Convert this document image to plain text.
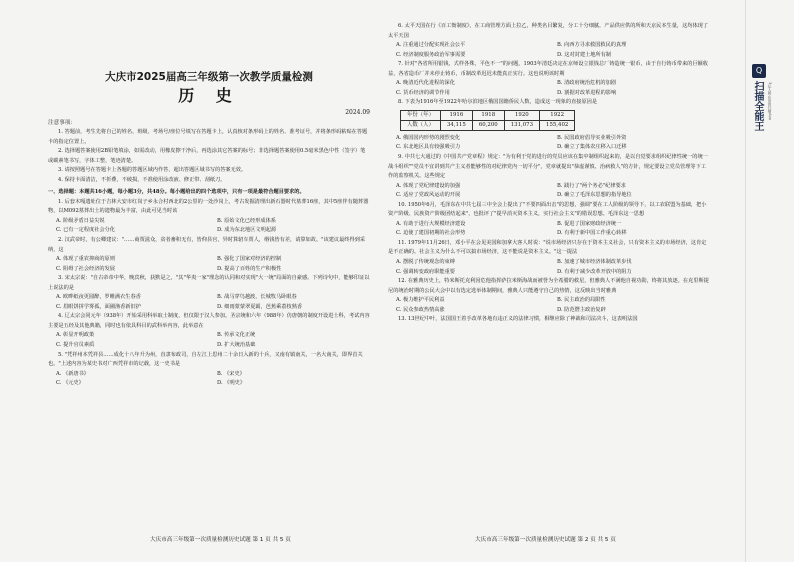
大庆市2025届高三年级第一次教学质量检测
历 史
2024.09
注意事项：

1. 答题前，考生先将自己的姓名、班级、考场号/座位号填写在答题卡上，认真核对条形码上的姓名、准考证号，并将条形码粘贴在答题卡的指定位置上。

2. 选择题答案使用2B铅笔填涂，如需改动，用橡皮擦干净后，再选涂其它答案的标号；非选择题答案使用0.5毫米黑色中性（签字）笔或碳素笔书写，字体工整，笔迹清楚。

3. 请按照题号在答题卡上各题的答题区域内作答，超出答题区域书写的答案无效。

4. 保持卡面清洁，不折叠，不破损，不准使用涂改液、修正带、刮纸刀。

一、选择题：本题共16小题，每小题3分，共48分。每小题给出的四个选项中，只有一项是最符合题目要求的。

1. 后套木嘎遗址位于吉林大安市红岗子乡永合村西北的2公里的一处沙岗上，考古发掘清理出新石器时代墓葬16座，其中5座伴有随葬器物，以M092墓葬出土的遗物最为丰富，由此可见当时该

A. 阶级矛盾日益尖锐	B. 原始文化已经形成体系
C. 已有一定程度社会分化	D. 成为东北地区文明起源

2. 汉武帝时，有公卿建议："……商贾滋众，贫者畜积无有，皆仰县官，异时算轺车贾人，缗钱皆有差，请算如故。"该建议最终得到采纳，这

A. 体现了重农抑商的原则	B. 强化了国家对经济的控制
C. 阻碍了社会经济的发展	D. 提高了百姓的生产积极性

3. 宋太宗说："自古帝帝中华，晚宾秋，获默是之，"其"华夷一家"理念的认同和对实现"大一统"局面的自豪感。下列诗句中，能够印证以上说法的是

A. 欧畔纸夜更圆醉，罗帷满衣生春香	B. 战马穿鸟越渡，长城牧马卧眼春
C. 眉眼饼拼学雾孤，面圃渔香新旧护	D. 细雨蒙蒙翠夏霸，芭蕉乘荔枝熟香

4. 辽太宗会同元年（938年）开始采用科举取士制度，但仅限于汉人参加。圣宗统和六年（988年）仿唐朝的制度开设进士科，考试内容主要是五经及其他典籍，同时也有依具科目的武科举内容，此举意在

A. 彰显开明政策	B. 传承文化正统
C. 提升官员素质	D. 扩大统治基础

5. "凭祥州本凭祥县……成化十八年升为州，直隶布政司，自左江上思州二十余日入新的十兵，又南有镇南关，一名大南关，即界首关也。"上述内容为某史书对广西凭祥市的记载，这一史书是

A. 《新唐书》	B. 《宋史》
C. 《元史》	D. 《明史》

6. 太平天国在行《百工衙制度》，在工商管理方面上拉乙，种类名目繁复，分工十分细腻，产品供应供的所和天京民本生量，这均体现了太平天国

A. 注重通过分配实现社会公平	B. 向西方寻求救国救民的真理
C. 经济制度服务政治军事需要	D. 这对封建土地所有制

7. 针对"各省所用银钱，式样各殊，平色不一"的问题，1903年清廷决定在京师设立银钱总厂铸造统一银币，由于自行铸币带来的巨额收益，各省造币厂并未停止铸币，币制改革迟迟未能真正实行。这也说明该时期

A. 晚清近代化进程的深化	B. 清政府统治危机的加剧
C. 货币经济的调节作用	D. 割据对改革进程的影响

8. 下表为1916年至1922年哈尔滨地区俄国国籍侨民人数，造成这一现象的直接原因是

年份（年）	1916	1918	1920	1922
人数（人）	34,115	60,200	131,073	155,402
A. 俄国国内形势的剧烈变化	B. 民国政府倡导实业吸引外资
C. 东北地区具有较强吸引力	D. 确立了集体农庄移入口迁移

9. 中共七大通过的《中国共产党章程》规定："为有利于党的进行的党员应该在集中制组织起来的，是以自觉要求组织纪律性统一的统一战斗组织""党员不宜讲到共产主义者能够性的对纪律党内一切平分"，党章就提出"恭虚谨慎、治病救人"的方针，规定要设立党员管理等下工作的监察机关。这些规定

A. 体现了党纪律建设的加强	B. 践行了"两个务必"纪律要求
C. 适应了党政风运动的开展	D. 确立了毛泽东思想的指导地位

10. 1950年6月，毛泽东在中共七届三中全会上提出了"不要四面出击"的思想，强调"要在工人阶级的领导下，以工农联盟为基础，把小资产阶级、民族资产阶级团结起来"，也批评了"提早消灭资本主义，实行社会主义"的错误思想。毛泽东这一思想

A. 有助于进行大规模经济建设	B. 促进了国家财政经济统一
C. 迫使了建国初期的社会形势	D. 有利于新中国工作重心转移

11. 1979年11月26日，邓小平在会见美国和加拿大客人时说："说市场经济只存在于资本主义社会，只有资本主义的市场经济，这肯定是不正确的。社会主义为什么不可以搞市场经济，这不能说是资本主义。"这一提法

A. 摆脱了传统观念的束缚	B. 加速了城市经济体制改革步伐
C. 强调转变政府职能重要	D. 有利于减少改革开放中的阻力

12. 在雅典历史上，特米斯托克利因危他指挥萨拉米斯海战而被誉为全希腊的救星，但雅典人不满他自视功勋，终将其放逐。在克里斯提尼的统治时期的公民大会中以有选定选举体制期间，雅典人只能遵守自己的热情，这反映出当时雅典

A. 极力维护平民利益	B. 民主政治的局限性
C. 民众参政热情高涨	D. 防范僭主政治复辟

13. 13世纪中叶，法国国王着手改革各地有违正义的法律习惯，相继应除了神裁和司法决斗，这表明法国

大庆市高三年级第一次质量检测历史试题 第 1 页 共 5 页	大庆市高三年级第一次质量检测历史试题 第 2 页 共 5 页
Q
扫描全能王	3亿人都在用的扫描App
